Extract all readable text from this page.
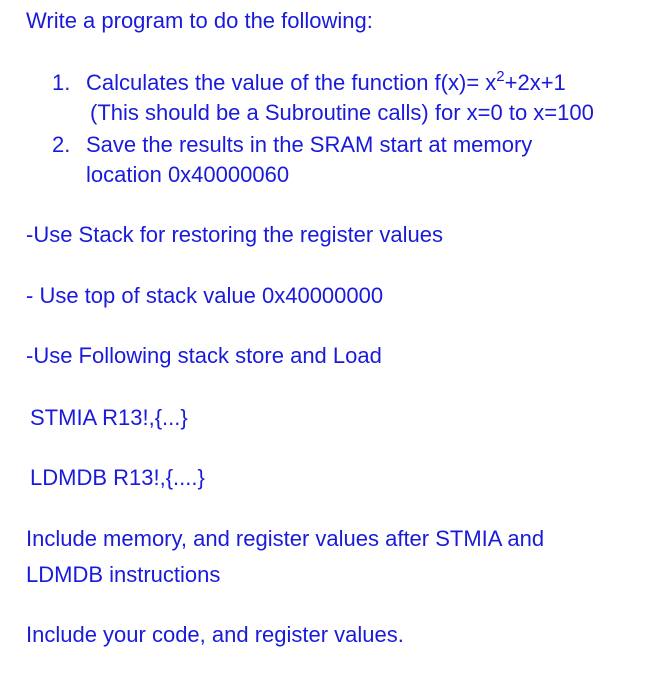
Write a program to do the following:

1. Calculates the value of the function $f(x)= x^2+2x+1$
(This should be a Subroutine calls) for x=0 to x=100
2. Save the results in the SRAM start at memory
location 0x40000060

-Use Stack for restoring the register values

- Use top of stack value 0x40000000

-Use Following stack store and Load

STMIA R13!,{...}

LDMDB R13!,{....}

Include memory, and register values after STMIA and

LDMDB instructions

Include your code, and register values.
